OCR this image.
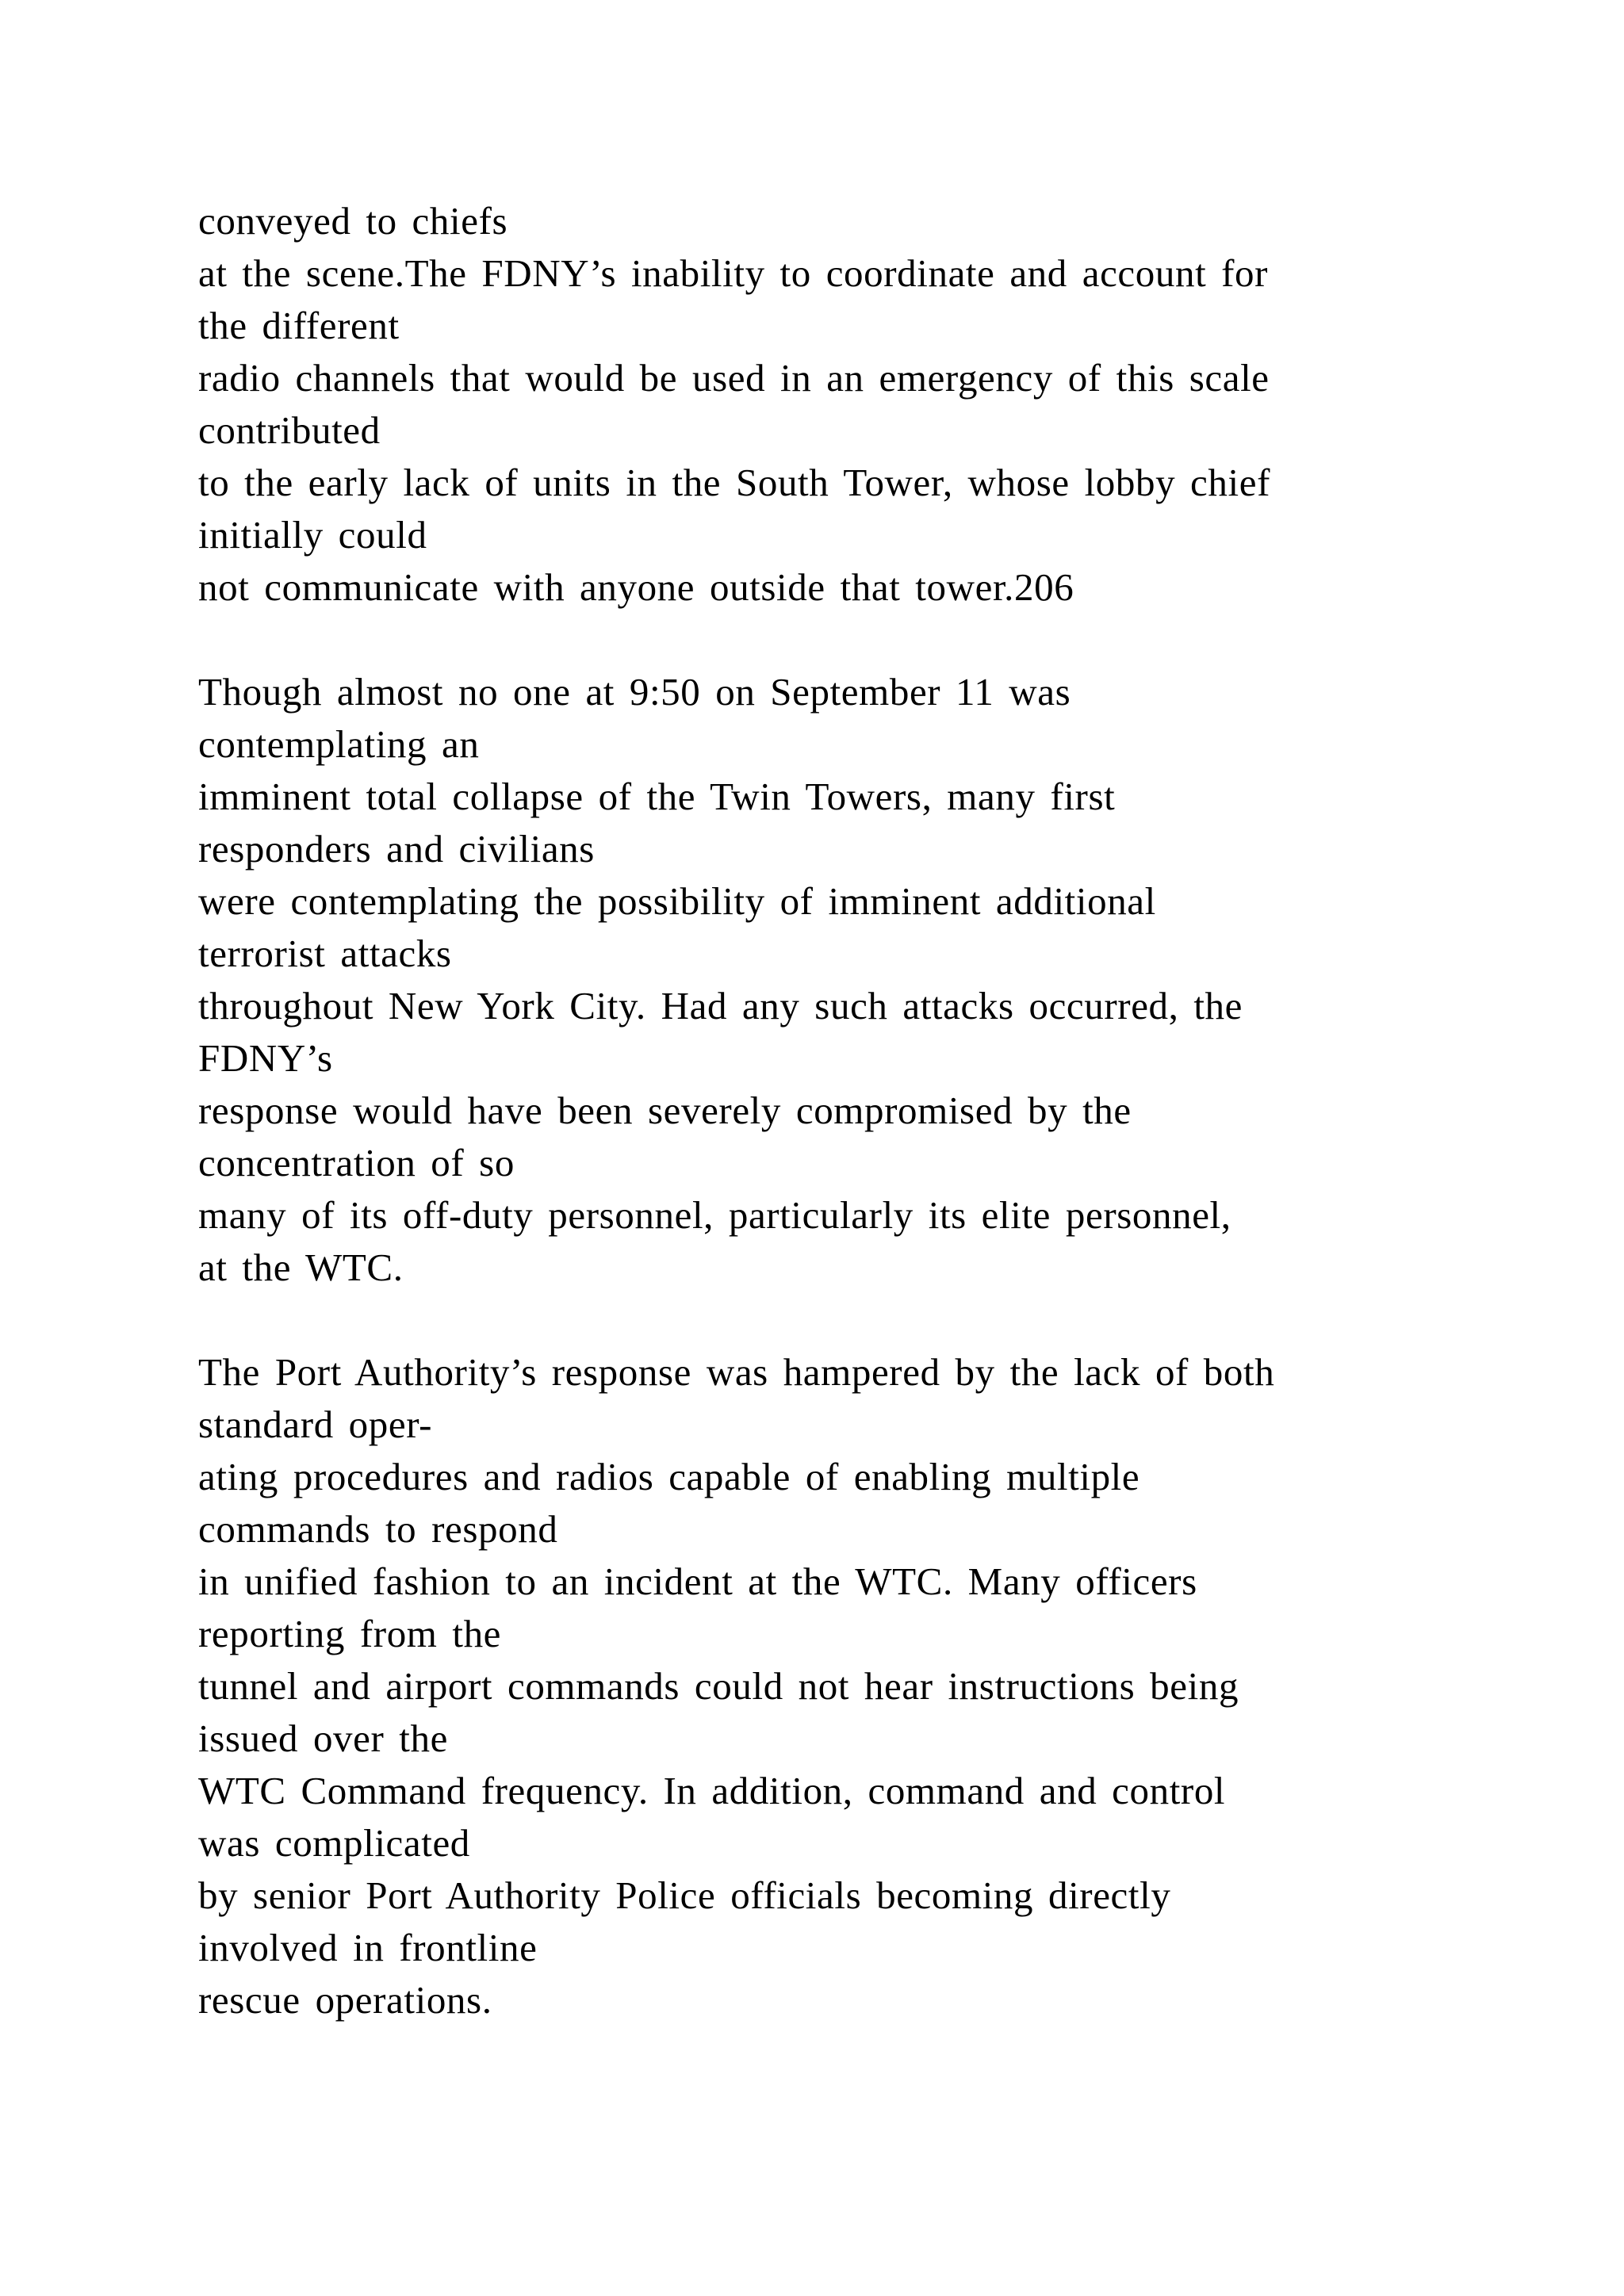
conveyed to chiefs
at the scene.The FDNY’s inability to coordinate and account for
the different
radio channels that would be used in an emergency of this scale
contributed
to the early lack of units in the South Tower, whose lobby chief
initially could
not communicate with anyone outside that tower.206
Though almost no one at 9:50 on September 11 was
contemplating an
imminent total collapse of the Twin Towers, many first
responders and civilians
were contemplating the possibility of imminent additional
terrorist attacks
throughout New York City. Had any such attacks occurred, the
FDNY’s
response would have been severely compromised by the
concentration of so
many of its off-duty personnel, particularly its elite personnel,
at the WTC.
The Port Authority’s response was hampered by the lack of both
standard oper-
ating procedures and radios capable of enabling multiple
commands to respond
in unified fashion to an incident at the WTC. Many officers
reporting from the
tunnel and airport commands could not hear instructions being
issued over the
WTC Command frequency. In addition, command and control
was complicated
by senior Port Authority Police officials becoming directly
involved in frontline
rescue operations.
